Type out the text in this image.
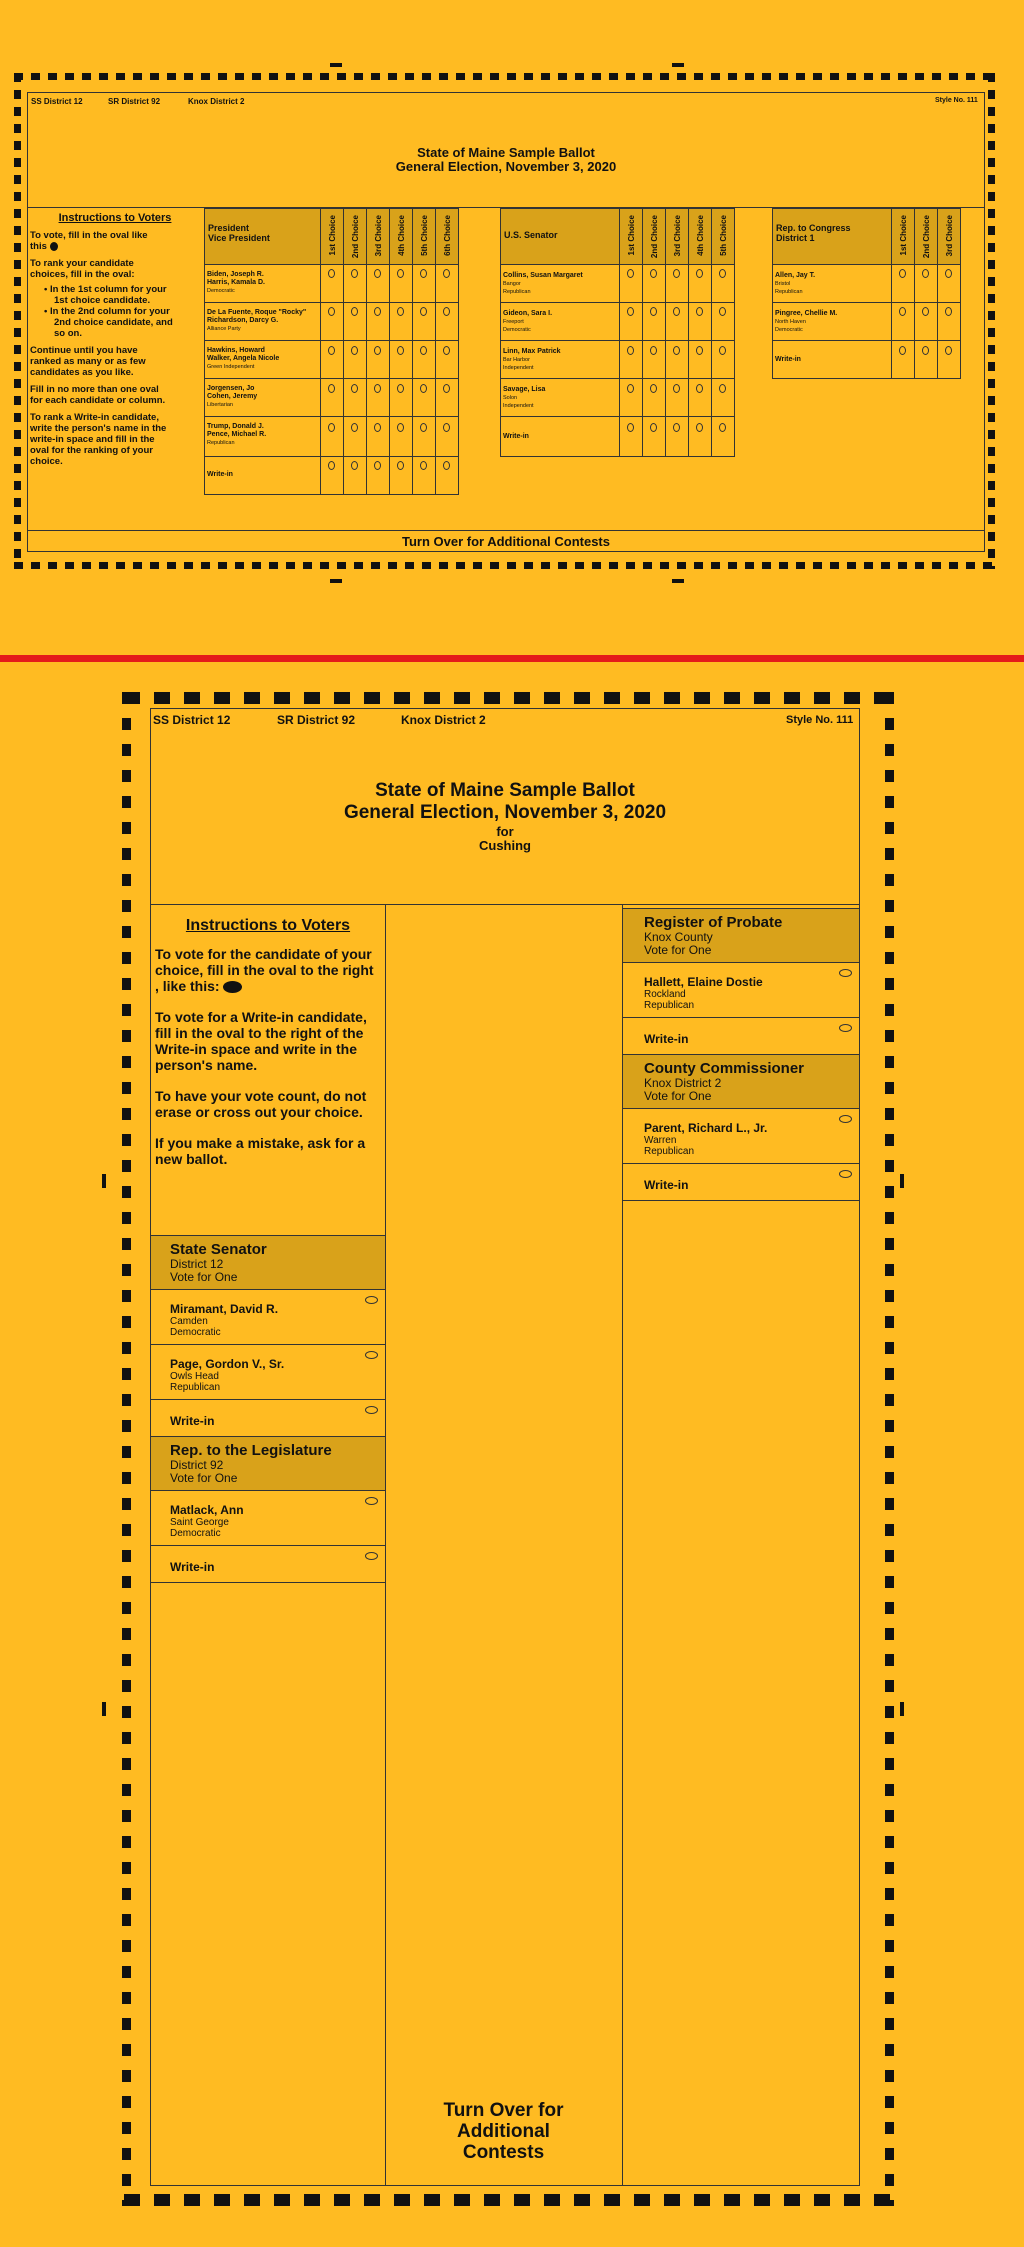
SS District 12	SR District 92	Knox District 2	Style No. 111
State of Maine Sample Ballot
General Election, November 3, 2020
Instructions to Voters
To vote, fill in the oval like this
To rank your candidate choices, fill in the oval:
• In the 1st column for your 1st choice candidate.
• In the 2nd column for your 2nd choice candidate, and so on.
Continue until you have ranked as many or as few candidates as you like.
Fill in no more than one oval for each candidate or column.
To rank a Write-in candidate, write the person's name in the write-in space and fill in the oval for the ranking of your choice.
President
Vice President	1st Choice 2nd Choice 3rd Choice 4th Choice 5th Choice 6th Choice
Biden, Joseph R.
Harris, Kamala D.
Democratic
De La Fuente, Roque "Rocky"
Richardson, Darcy G.
Alliance Party
Hawkins, Howard
Walker, Angela Nicole
Green Independent
Jorgensen, Jo
Cohen, Jeremy
Libertarian
Trump, Donald J.
Pence, Michael R.
Republican
Write-in
U.S. Senator	1st Choice 2nd Choice 3rd Choice 4th Choice 5th Choice
Collins, Susan Margaret
Bangor
Republican
Gideon, Sara I.
Freeport
Democratic
Linn, Max Patrick
Bar Harbor
Independent
Savage, Lisa
Solon
Independent
Write-in
Rep. to Congress
District 1	1st Choice 2nd Choice 3rd Choice
Allen, Jay T.
Bristol
Republican
Pingree, Chellie M.
North Haven
Democratic
Write-in
Turn Over for Additional Contests
SS District 12	SR District 92	Knox District 2	Style No. 111
State of Maine Sample Ballot
General Election, November 3, 2020
for
Cushing
Instructions to Voters
To vote for the candidate of your choice, fill in the oval to the right , like this:
To vote for a Write-in candidate, fill in the oval to the right of the Write-in space and write in the person's name.
To have your vote count, do not erase or cross out your choice.
If you make a mistake, ask for a new ballot.
State Senator
District 12
Vote for One
Miramant, David R.
Camden
Democratic
Page, Gordon V., Sr.
Owls Head
Republican
Write-in
Rep. to the Legislature
District 92
Vote for One
Matlack, Ann
Saint George
Democratic
Write-in
Register of Probate
Knox County
Vote for One
Hallett, Elaine Dostie
Rockland
Republican
Write-in
County Commissioner
Knox District 2
Vote for One
Parent, Richard L., Jr.
Warren
Republican
Write-in
Turn Over for
Additional
Contests
